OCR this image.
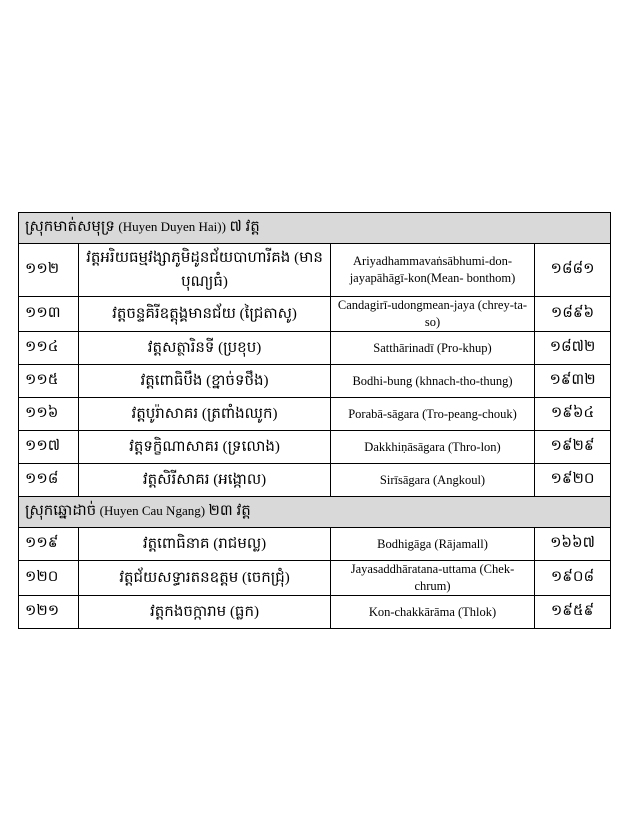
ស្រុកមាត់សមុទ្រ (Huyen Duyen Hai)) ៧ វត្ត			
១១២	វត្តអរិយធម្មវង្សាភូមិដូនជ័យបាហារីគង (មានបុណ្យធំ)	Ariyadhammavaṅsābhumi-don-jayapāhāgī-kon(Mean- bonthom)	១៨៨១
១១៣	វត្តចន្ទគិរីឧត្តុង្គមានជ័យ (ជ្រៃតាសូ)	Candagirī-udongmean-jaya (chrey-ta-so)	១៨៩៦
១១៤	វត្តសត្ថារិនទី (ប្រខុប)	Satthārinadī (Pro-khup)	១៨៧២
១១៥	វត្តពោធិបឹង (ខ្នាច់ទថឹង)	Bodhi-bung (khnach-tho-thung)	១៩៣២
១១៦	វត្តបូរ៉ាសាគរ (ត្រពាំងឈូក)	Porabā-sāgara (Tro-peang-chouk)	១៩៦៤
១១៧	វត្តទក្ខិណាសាគរ (ទ្រលោង)	Dakkhiṇāsāgara (Thro-lon)	១៩២៩
១១៨	វត្តសិរីសាគរ (អង្កោល)	Sirīsāgara (Angkoul)	១៩២០
ស្រុកឆ្នោដាច់ (Huyen Cau Ngang) ២៣ វត្ត			
១១៩	វត្តពោធិនាគ (រាជមល្ល)	Bodhigāga (Rājamall)	១៦៦៧
១២០	វត្តជ័យសទ្ធារតនឧត្តម (ចេកជ្រុំ)	Jayasaddhāratana-uttama (Chek-chrum)	១៩០៨
១២១	វត្តកងចក្ការាម (ធ្លក)	Kon-chakkārāma (Thlok)	១៩៥៩
